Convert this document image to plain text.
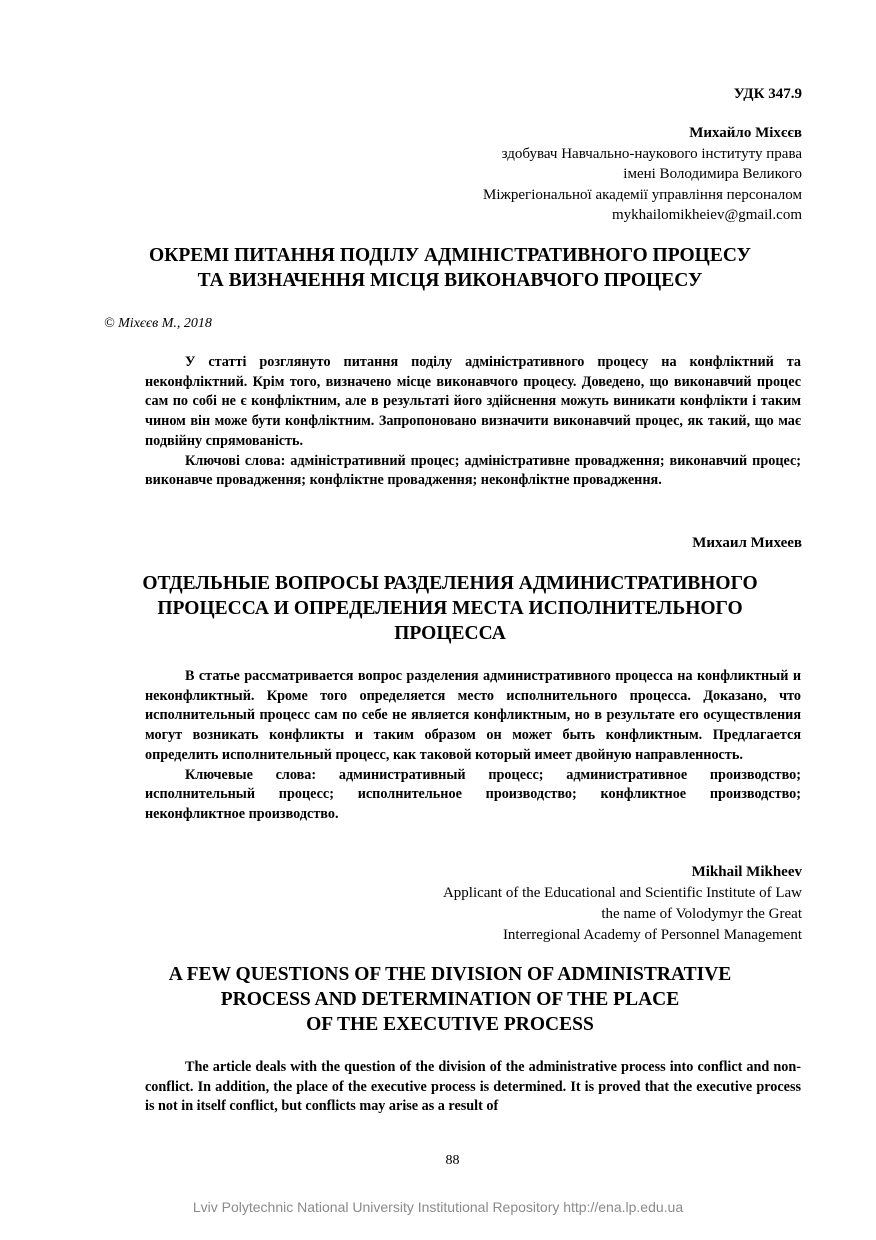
УДК 347.9
Михайло Міхєєв
здобувач Навчально-наукового інституту права
імені Володимира Великого
Міжрегіональної академії управління персоналом
mykhailomikheiev@gmail.com
ОКРЕМІ ПИТАННЯ ПОДІЛУ АДМІНІСТРАТИВНОГО ПРОЦЕСУ
ТА ВИЗНАЧЕННЯ МІСЦЯ ВИКОНАВЧОГО ПРОЦЕСУ
© Міхєєв М., 2018

У статті розглянуто питання поділу адміністративного процесу на конфліктний та неконфліктний. Крім того, визначено місце виконавчого процесу. Доведено, що виконавчий процес сам по собі не є конфліктним, але в результаті його здійснення можуть виникати конфлікти і таким чином він може бути конфліктним. Запропоновано визначити виконавчий процес, як такий, що має подвійну спрямованість.

Ключові слова: адміністративний процес; адміністративне провадження; виконавчий процес; виконавче провадження; конфліктне провадження; неконфліктне провадження.

Михаил Михеев
ОТДЕЛЬНЫЕ ВОПРОСЫ РАЗДЕЛЕНИЯ АДМИНИСТРАТИВНОГО
ПРОЦЕССА И ОПРЕДЕЛЕНИЯ МЕСТА ИСПОЛНИТЕЛЬНОГО
ПРОЦЕССА

В статье рассматривается вопрос разделения административного процесса на конфликтный и неконфликтный. Кроме того определяется место исполнительного процесса. Доказано, что исполнительный процесс сам по себе не является конфликтным, но в результате его осуществления могут возникать конфликты и таким образом он может быть конфликтным. Предлагается определить исполнительный процесс, как таковой который имеет двойную направленность.

Ключевые слова: административный процесс; административное производство; исполнительный процесс; исполнительное производство; конфликтное производство; неконфликтное производство.

Mikhail Mikheev
Applicant of the Educational and Scientific Institute of Law
the name of Volodymyr the Great
Interregional Academy of Personnel Management
A FEW QUESTIONS OF THE DIVISION OF ADMINISTRATIVE
PROCESS AND DETERMINATION OF THE PLACE
OF THE EXECUTIVE PROCESS

The article deals with the question of the division of the administrative process into conflict and non-conflict. In addition, the place of the executive process is determined. It is proved that the executive process is not in itself conflict, but conflicts may arise as a result of

88
Lviv Polytechnic National University Institutional Repository http://ena.lp.edu.ua
